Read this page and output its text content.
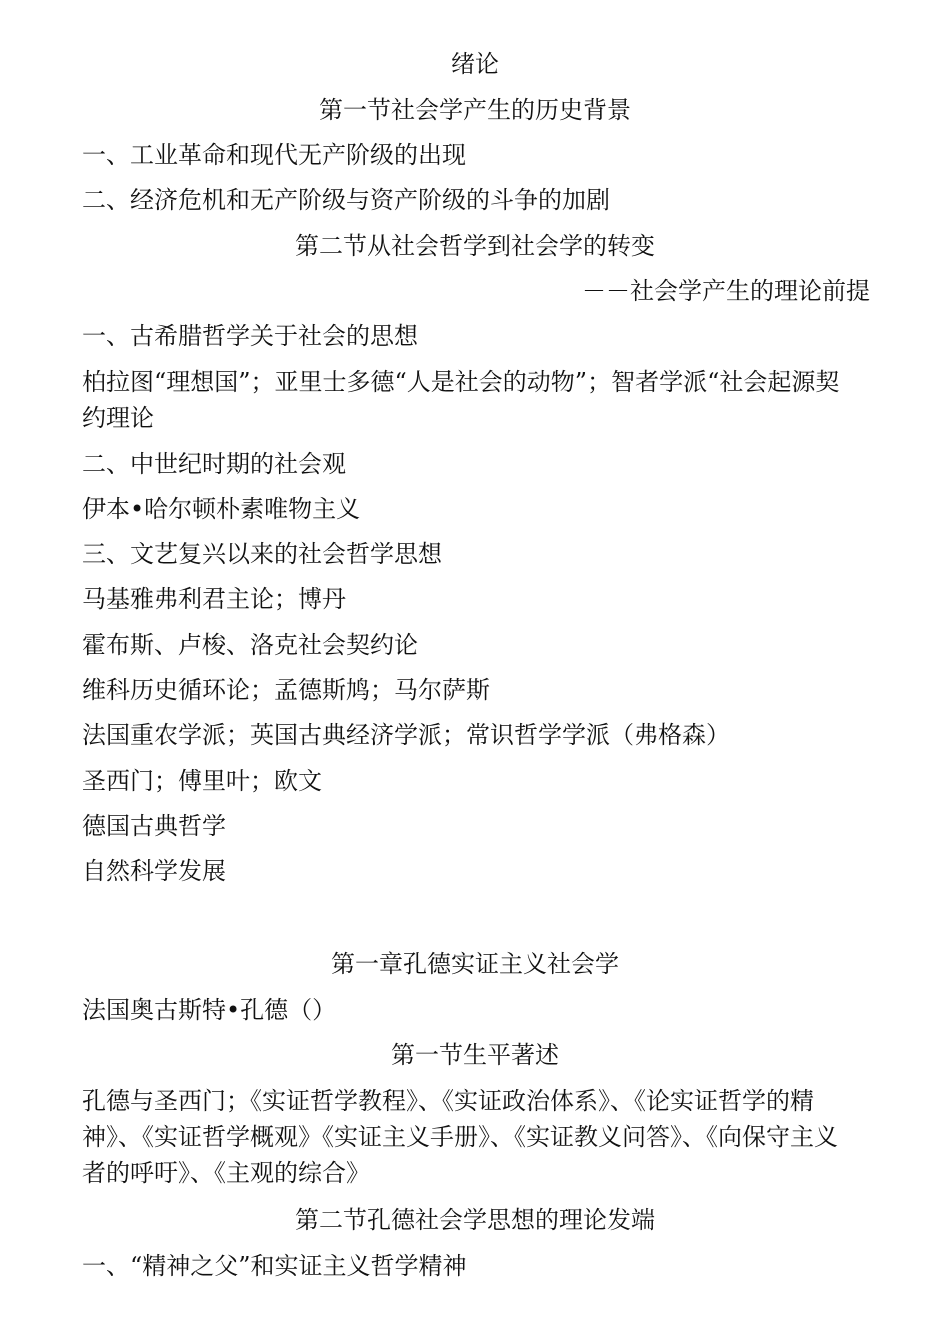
绪论
第一节社会学产生的历史背景
一、工业革命和现代无产阶级的出现
二、经济危机和无产阶级与资产阶级的斗争的加剧
第二节从社会哲学到社会学的转变
－－社会学产生的理论前提
一、古希腊哲学关于社会的思想
柏拉图“理想国”；亚里士多德“人是社会的动物”；智者学派“社会起源契约理论
二、中世纪时期的社会观
伊本•哈尔顿朴素唯物主义
三、文艺复兴以来的社会哲学思想
马基雅弗利君主论；博丹
霍布斯、卢梭、洛克社会契约论
维科历史循环论；孟德斯鸠；马尔萨斯
法国重农学派；英国古典经济学派；常识哲学学派（弗格森）
圣西门；傅里叶；欧文
德国古典哲学
自然科学发展
第一章孔德实证主义社会学
法国奥古斯特•孔德（）
第一节生平著述
孔德与圣西门；《实证哲学教程》、《实证政治体系》、《论实证哲学的精神》、《实证哲学概观》《实证主义手册》、《实证教义问答》、《向保守主义者的呼吁》、《主观的综合》
第二节孔德社会学思想的理论发端
一、“精神之父”和实证主义哲学精神
